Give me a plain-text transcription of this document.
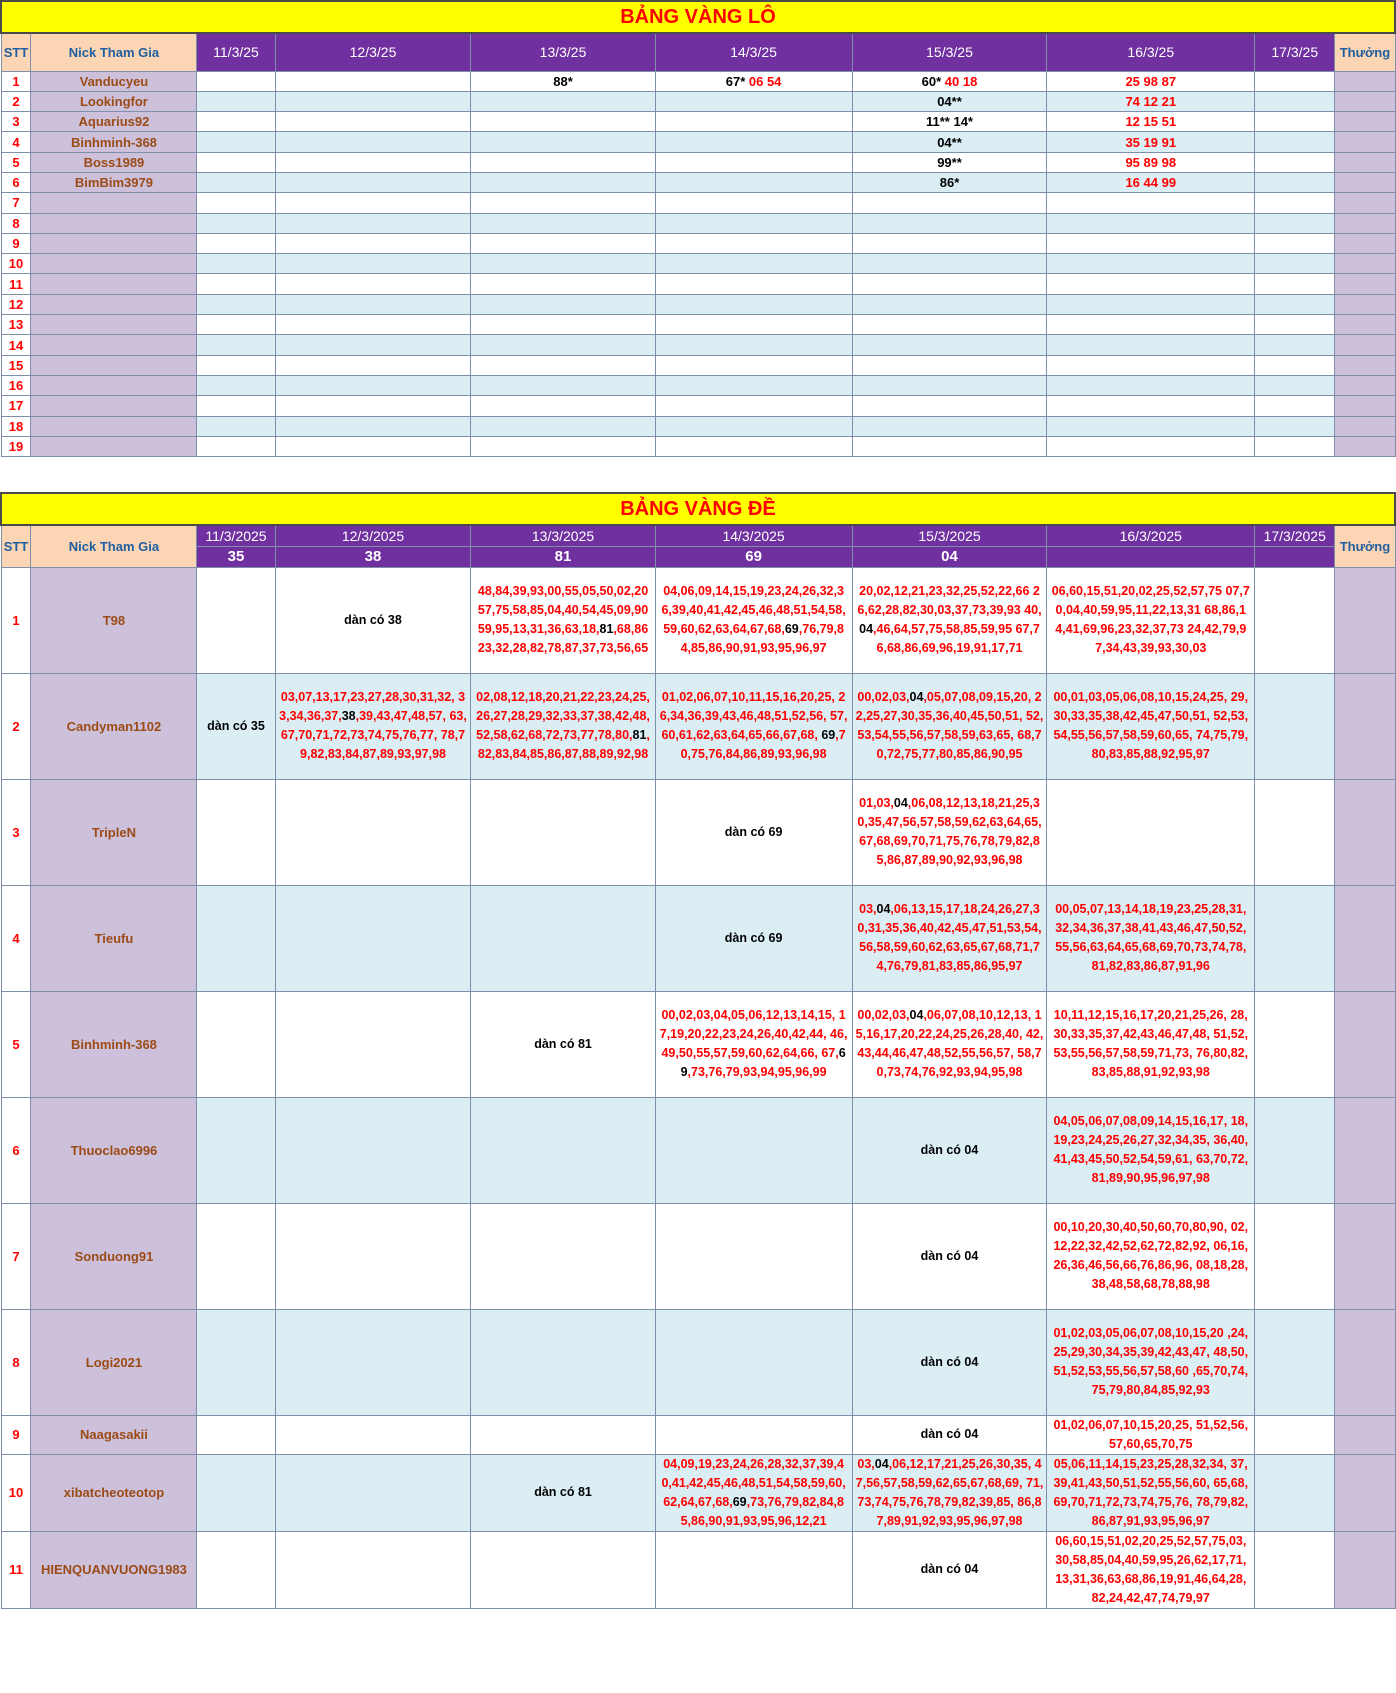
BẢNG VÀNG LÔ									
STT	Nick Tham Gia	11/3/25	12/3/25	13/3/25	14/3/25	15/3/25	16/3/25	17/3/25	Thưởng
1	Vanducyeu			88*	67* 06 54	60* 40 18	25 98 87		
2	Lookingfor					04**	74 12 21		
3	Aquarius92					11** 14*	12 15 51		
4	Binhminh-368					04**	35 19 91		
5	Boss1989					99**	95 89 98		
6	BimBim3979					86*	16 44 99		
7									
8									
9									
10									
11									
12									
13									
14									
15									
16									
17									
18									
19									
BẢNG VÀNG ĐỀ									
STT	Nick Tham Gia	11/3/2025	12/3/2025	13/3/2025	14/3/2025	15/3/2025	16/3/2025	17/3/2025	Thưởng
		35	38	81	69	04			
1	T98		dàn có 38	48,84,39,93,00,55,05,50,02,20 57,75,58,85,04,40,54,45,09,90 59,95,13,31,36,63,18,81,68,86 23,32,28,82,78,87,37,73,56,65	04,06,09,14,15,19,23,24,26,32,36,39,40,41,42,45,46,48,51,54,58,59,60,62,63,64,67,68,69,76,79,84,85,86,90,91,93,95,96,97	20,02,12,21,23,32,25,52,22,66 26,62,28,82,30,03,37,73,39,93 40,04,46,64,57,75,58,85,59,95 67,76,68,86,69,96,19,91,17,71	06,60,15,51,20,02,25,52,57,75 07,70,04,40,59,95,11,22,13,31 68,86,14,41,69,96,23,32,37,73 24,42,79,97,34,43,39,93,30,03		
2	Candyman1102	dàn có 35	03,07,13,17,23,27,28,30,31,32, 33,34,36,37,38,39,43,47,48,57, 63,67,70,71,72,73,74,75,76,77, 78,79,82,83,84,87,89,93,97,98	02,08,12,18,20,21,22,23,24,25, 26,27,28,29,32,33,37,38,42,48, 52,58,62,68,72,73,77,78,80,81, 82,83,84,85,86,87,88,89,92,98	01,02,06,07,10,11,15,16,20,25, 26,34,36,39,43,46,48,51,52,56, 57,60,61,62,63,64,65,66,67,68, 69,70,75,76,84,86,89,93,96,98	00,02,03,04,05,07,08,09,15,20, 22,25,27,30,35,36,40,45,50,51, 52,53,54,55,56,57,58,59,63,65, 68,70,72,75,77,80,85,86,90,95	00,01,03,05,06,08,10,15,24,25, 29,30,33,35,38,42,45,47,50,51, 52,53,54,55,56,57,58,59,60,65, 74,75,79,80,83,85,88,92,95,97		
3	TripleN				dàn có 69	01,03,04,06,08,12,13,18,21,25,30,35,47,56,57,58,59,62,63,64,65,67,68,69,70,71,75,76,78,79,82,85,86,87,89,90,92,93,96,98			
4	Tieufu				dàn có 69	03,04,06,13,15,17,18,24,26,27,30,31,35,36,40,42,45,47,51,53,54,56,58,59,60,62,63,65,67,68,71,74,76,79,81,83,85,86,95,97	00,05,07,13,14,18,19,23,25,28,31, 32,34,36,37,38,41,43,46,47,50,52, 55,56,63,64,65,68,69,70,73,74,78, 81,82,83,86,87,91,96		
5	Binhminh-368			dàn có 81	00,02,03,04,05,06,12,13,14,15, 17,19,20,22,23,24,26,40,42,44, 46,49,50,55,57,59,60,62,64,66, 67,69,73,76,79,93,94,95,96,99	00,02,03,04,06,07,08,10,12,13, 15,16,17,20,22,24,25,26,28,40, 42,43,44,46,47,48,52,55,56,57, 58,70,73,74,76,92,93,94,95,98	10,11,12,15,16,17,20,21,25,26, 28,30,33,35,37,42,43,46,47,48, 51,52,53,55,56,57,58,59,71,73, 76,80,82,83,85,88,91,92,93,98		
6	Thuoclao6996					dàn có 04	04,05,06,07,08,09,14,15,16,17, 18,19,23,24,25,26,27,32,34,35, 36,40,41,43,45,50,52,54,59,61, 63,70,72,81,89,90,95,96,97,98		
7	Sonduong91					dàn có 04	00,10,20,30,40,50,60,70,80,90, 02,12,22,32,42,52,62,72,82,92, 06,16,26,36,46,56,66,76,86,96, 08,18,28,38,48,58,68,78,88,98		
8	Logi2021					dàn có 04	01,02,03,05,06,07,08,10,15,20 ,24,25,29,30,34,35,39,42,43,47, 48,50,51,52,53,55,56,57,58,60 ,65,70,74,75,79,80,84,85,92,93		
9	Naagasakii					dàn có 04	01,02,06,07,10,15,20,25, 51,52,56,57,60,65,70,75		
10	xibatcheoteotop			dàn có 81	04,09,19,23,24,26,28,32,37,39,40,41,42,45,46,48,51,54,58,59,60, 62,64,67,68,69,73,76,79,82,84,85,86,90,91,93,95,96,12,21	03,04,06,12,17,21,25,26,30,35, 47,56,57,58,59,62,65,67,68,69, 71,73,74,75,76,78,79,82,39,85, 86,87,89,91,92,93,95,96,97,98	05,06,11,14,15,23,25,28,32,34, 37,39,41,43,50,51,52,55,56,60, 65,68,69,70,71,72,73,74,75,76, 78,79,82,86,87,91,93,95,96,97		
11	HIENQUANVUONG1983					dàn có 04	06,60,15,51,02,20,25,52,57,75,03, 30,58,85,04,40,59,95,26,62,17,71, 13,31,36,63,68,86,19,91,46,64,28, 82,24,42,47,74,79,97		
